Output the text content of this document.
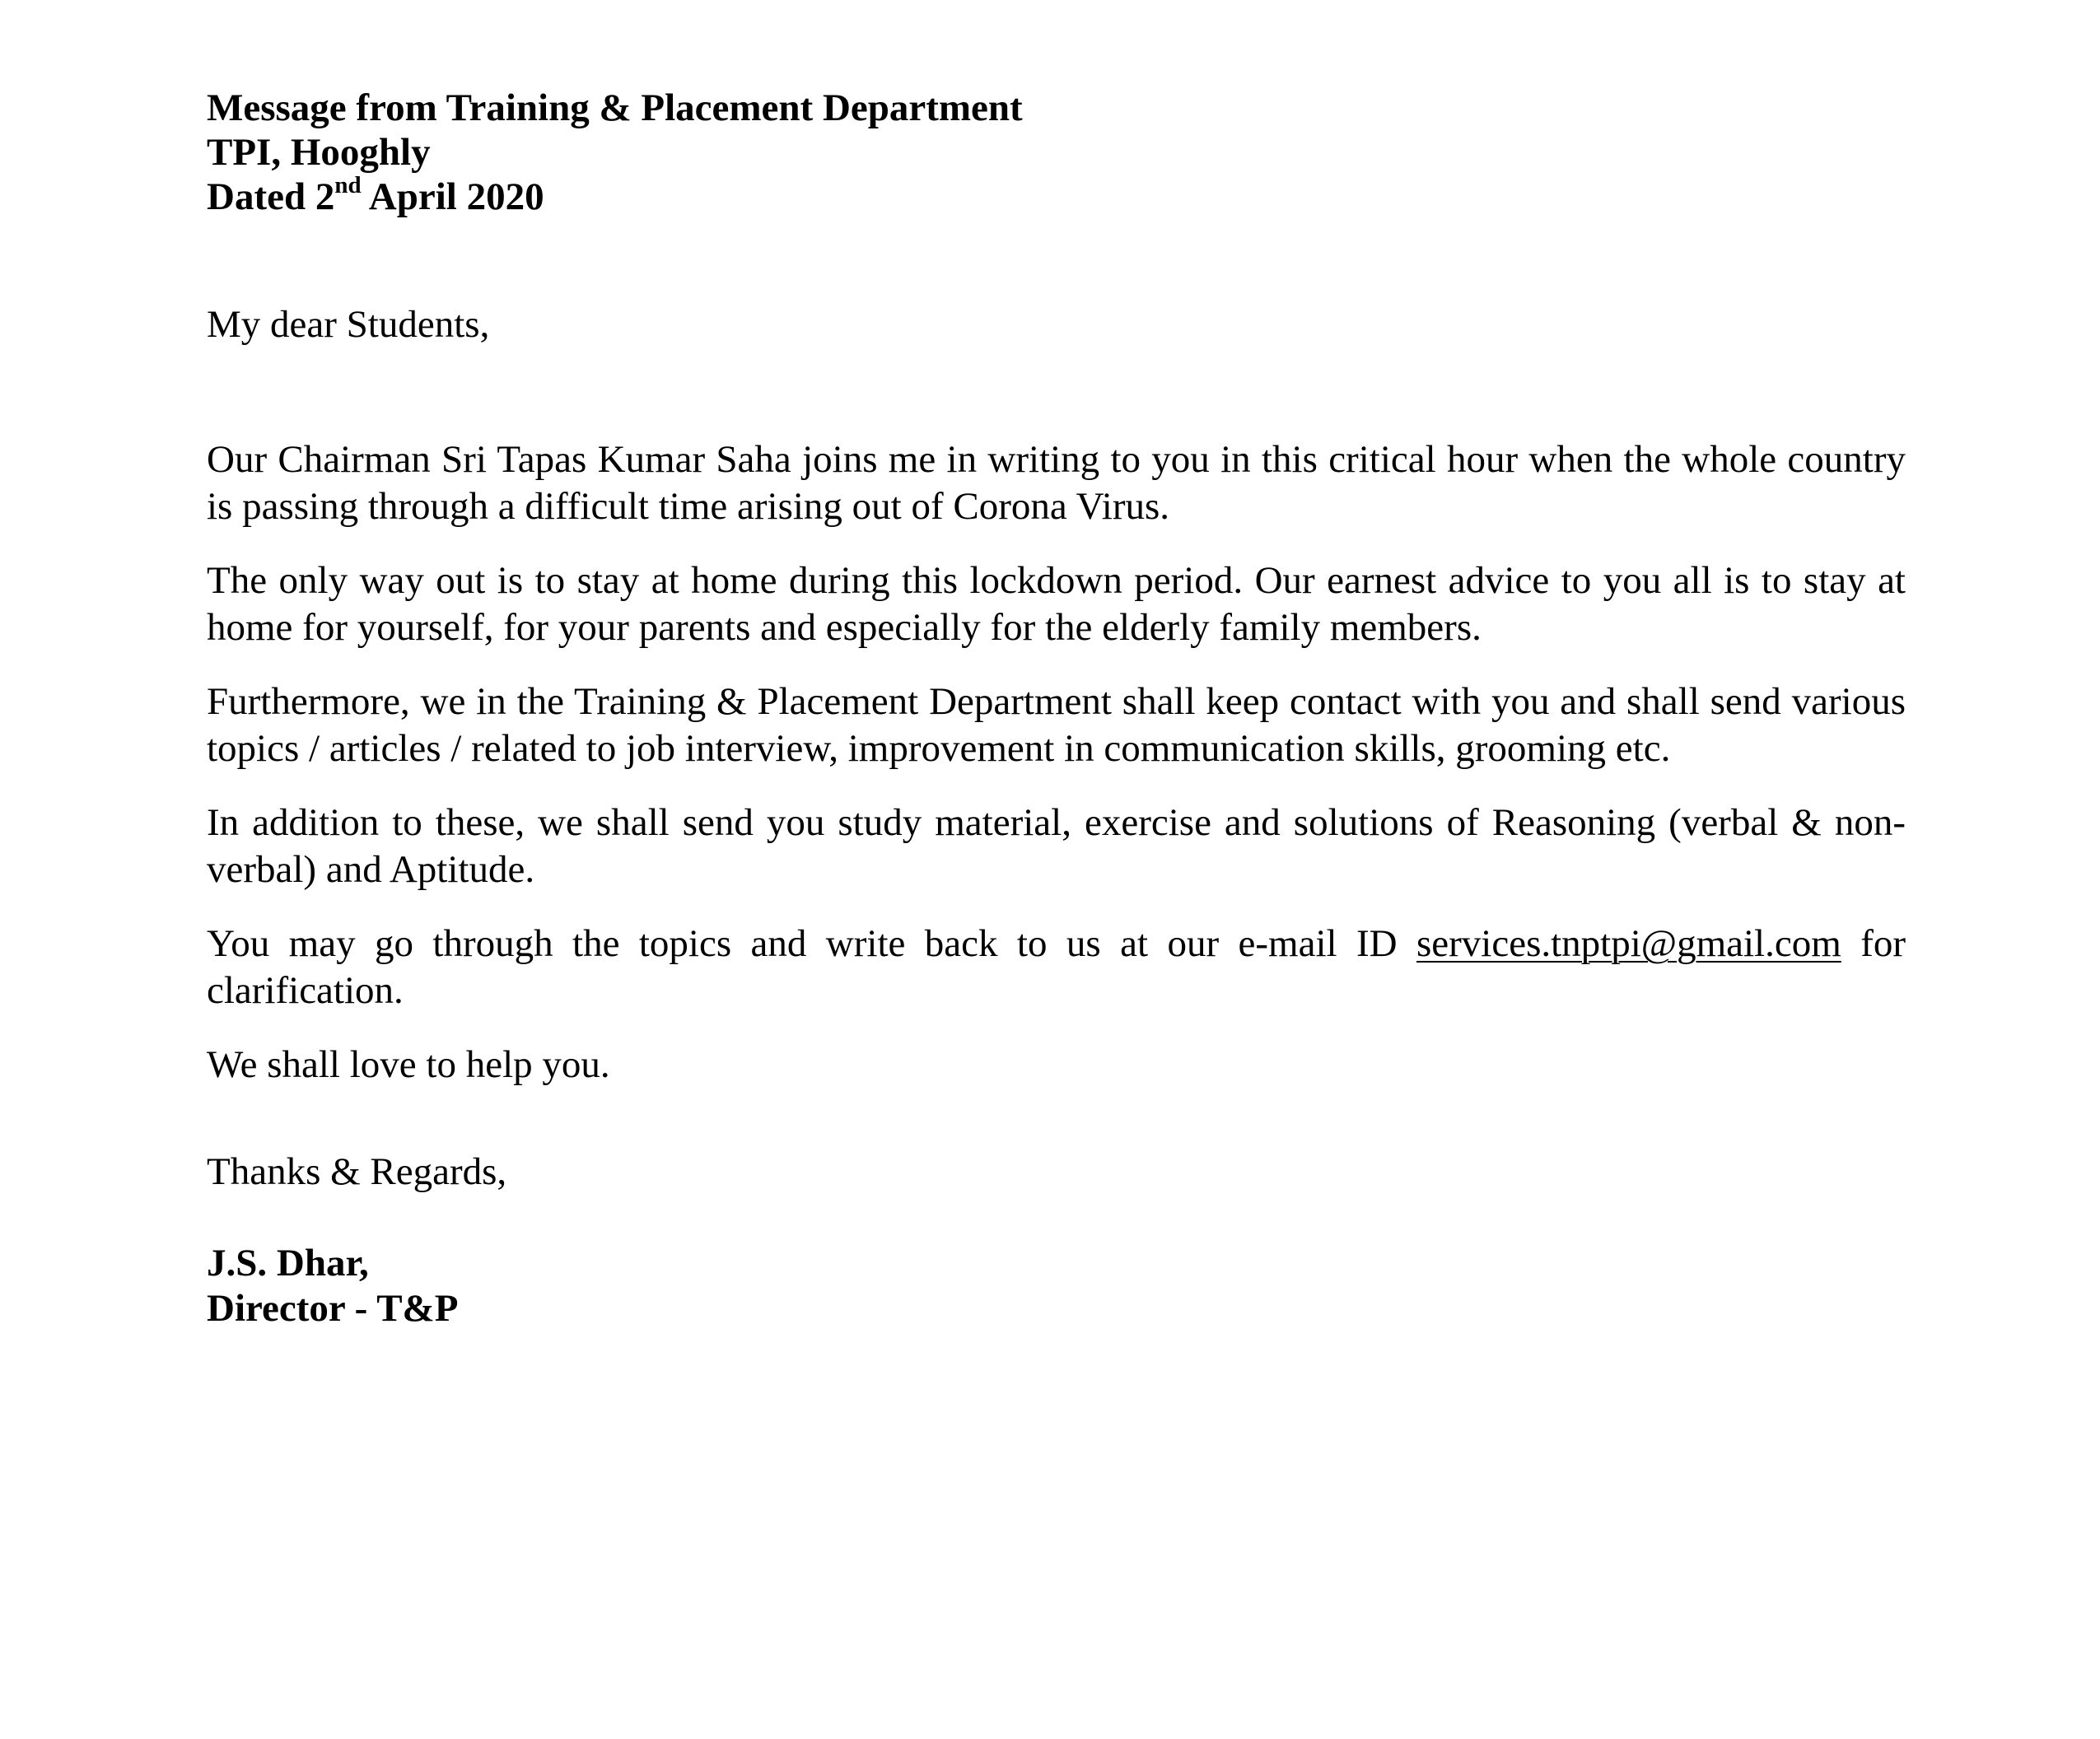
Message from Training & Placement Department
TPI, Hooghly
Dated 2nd April 2020

My dear Students,

Our Chairman Sri Tapas Kumar Saha joins me in writing to you in this critical hour when the whole country is passing through a difficult time arising out of Corona Virus.

The only way out is to stay at home during this lockdown period. Our earnest advice to you all is to stay at home for yourself, for your parents and especially for the elderly family members.

Furthermore, we in the Training & Placement Department shall keep contact with you and shall send various topics / articles / related to job interview, improvement in communication skills, grooming etc.

In addition to these, we shall send you study material, exercise and solutions of Reasoning (verbal & non-verbal) and Aptitude.

You may go through the topics and write back to us at our e-mail ID services.tnptpi@gmail.com for clarification.

We shall love to help you.

Thanks & Regards,

J.S. Dhar,
Director - T&P
